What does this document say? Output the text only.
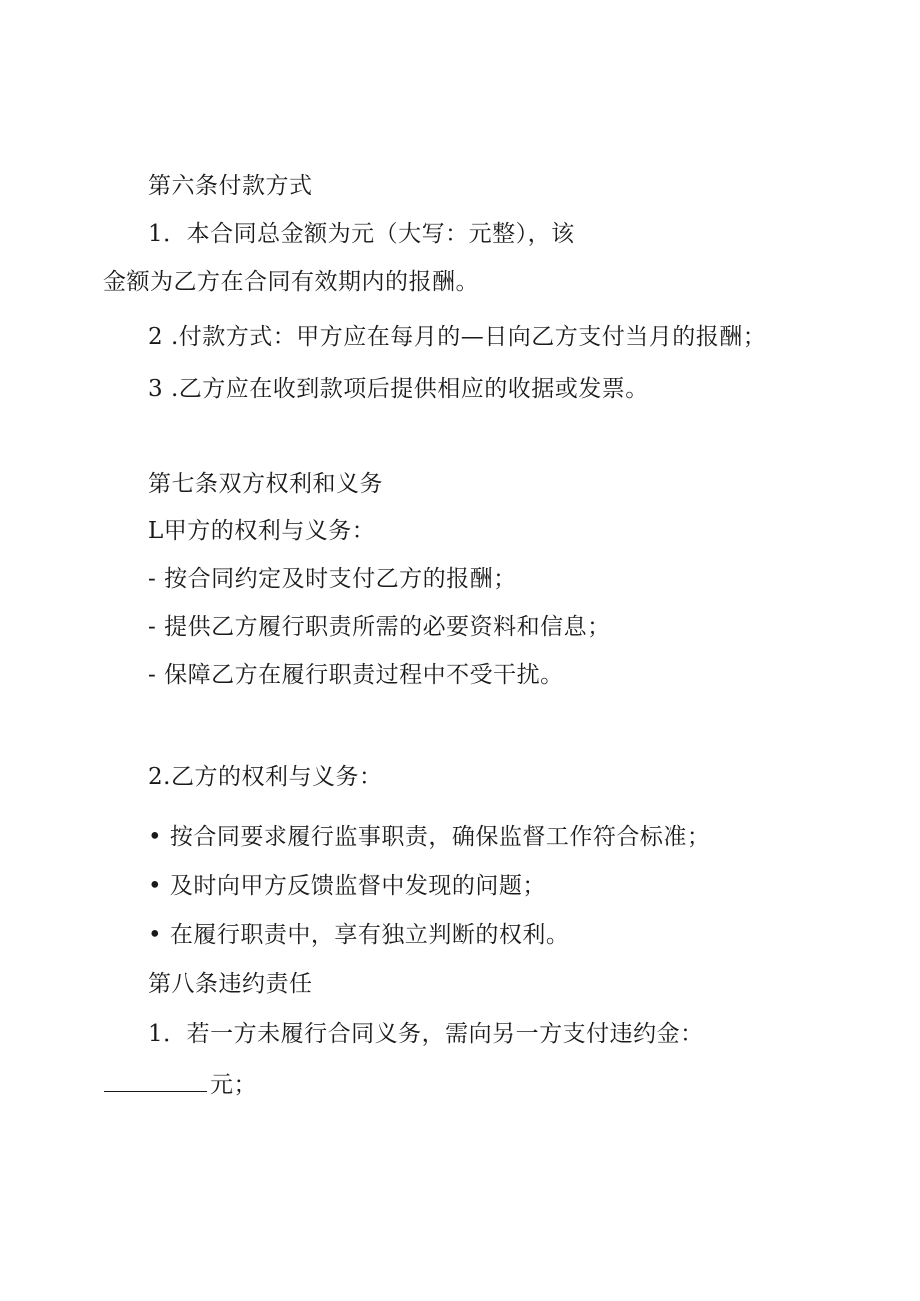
第六条付款方式
1．本合同总金额为元（大写：元整），该
金额为乙方在合同有效期内的报酬。
2 .付款方式：甲方应在每月的—日向乙方支付当月的报酬；
3 .乙方应在收到款项后提供相应的收据或发票。
第七条双方权利和义务
L甲方的权利与义务：
- 按合同约定及时支付乙方的报酬；
- 提供乙方履行职责所需的必要资料和信息；
- 保障乙方在履行职责过程中不受干扰。
2.乙方的权利与义务：
• 按合同要求履行监事职责，确保监督工作符合标准；
• 及时向甲方反馈监督中发现的问题；
• 在履行职责中，享有独立判断的权利。
第八条违约责任
1．若一方未履行合同义务，需向另一方支付违约金：
元；
